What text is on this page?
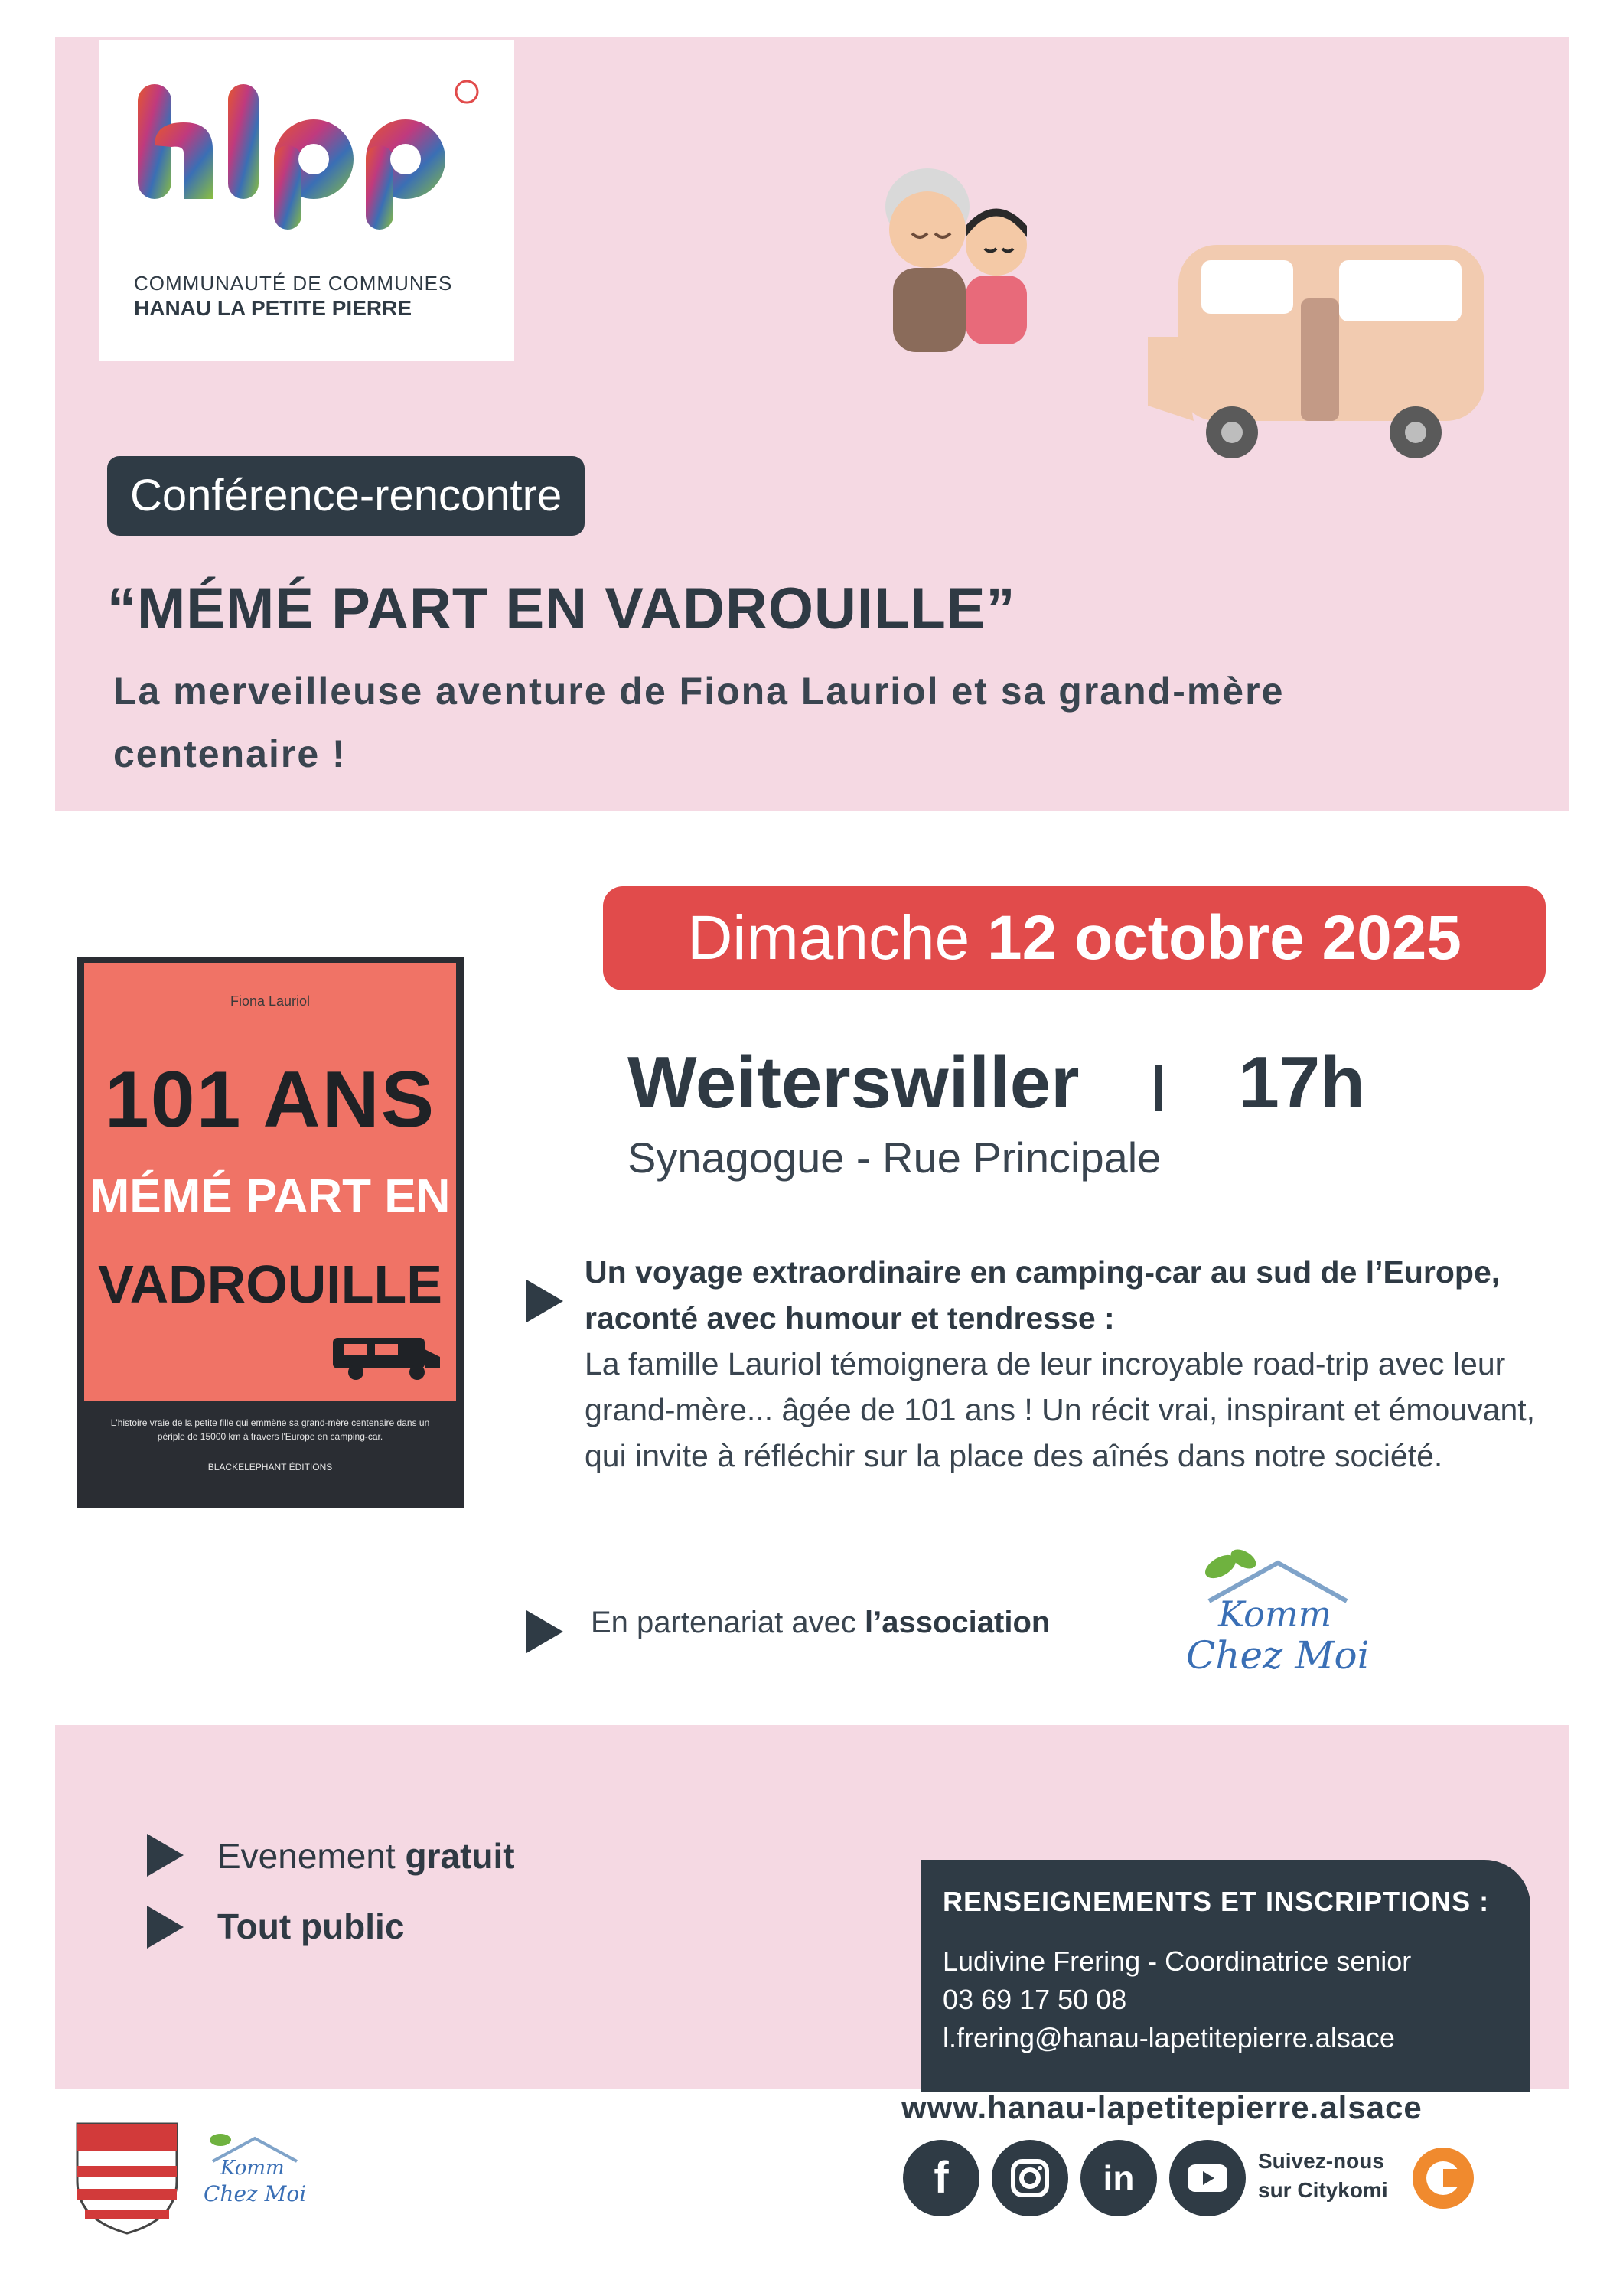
COMMUNAUTÉ DE COMMUNES
HANAU LA PETITE PIERRE
Conférence-rencontre
“MÉMÉ PART EN VADROUILLE”
La merveilleuse aventure de Fiona Lauriol et sa grand-mère centenaire !
Dimanche 12 octobre 2025
Weiterswiller 17h
Synagogue - Rue Principale
L'histoire vraie de la petite fille qui emmène sa grand-mère centenaire dans un périple de 15000 km à travers l'Europe en camping-car.
BLACKELEPHANT ÉDITIONS
Fiona Lauriol
101 ANS
MÉMÉ PART EN
VADROUILLE	Un voyage extraordinaire en camping-car au sud de l’Europe, raconté avec humour et tendresse :
La famille Lauriol témoignera de leur incroyable road-trip avec leur grand-mère... âgée de 101 ans ! Un récit vrai, inspirant et émouvant, qui invite à réfléchir sur la place des aînés dans notre société.
En partenariat avec l’association	Komm
Chez Moi
Evenement gratuit
Tout public
RENSEIGNEMENTS ET INSCRIPTIONS :
Ludivine Frering - Coordinatrice senior
03 69 17 50 08
l.frering@hanau-lapetitepierre.alsace
Komm
Chez Moi
www.hanau-lapetitepierre.alsace
f	in	Suivez-nous
sur Citykomi
